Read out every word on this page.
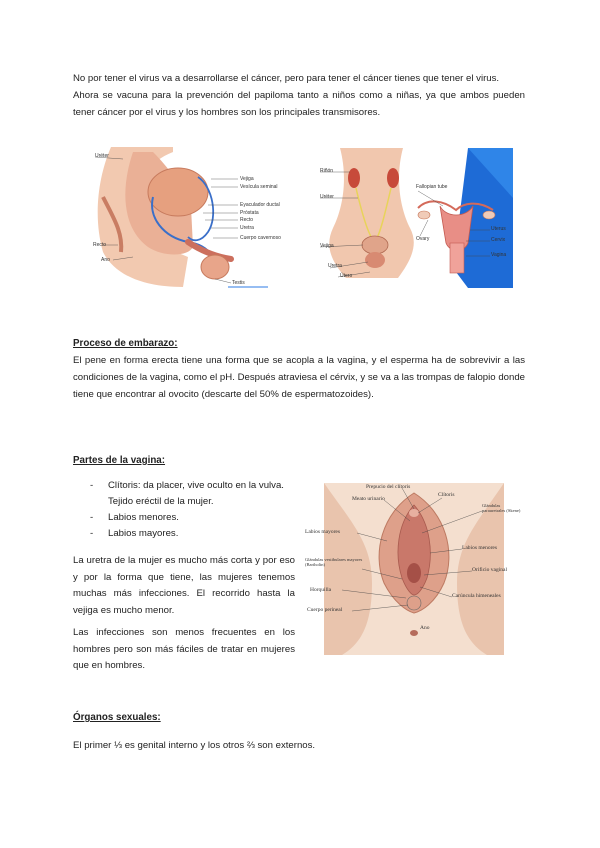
No por tener el virus va a desarrollarse el cáncer, pero para tener el cáncer tienes que tener el virus.
Ahora se vacuna para la prevención del papiloma tanto a niños como a niñas, ya que ambos pueden tener cáncer por el virus y los hombres son los principales transmisores.
Uréter
Vejiga
Vesícula seminal
Eyaculador ductal
Próstata
Recto
Uretra
Cuerpo cavernoso
Recto
Ano
Testis
Riñón
Uréter
Vejiga
Uretra
Útero
Fallopian tube
Ovary
Uterus
Cervix
Vagina
Proceso de embarazo:
El pene en forma erecta tiene una forma que se acopla a la vagina, y el esperma ha de sobrevivir a las condiciones de la vagina, como el pH. Después atraviesa el cérvix, y se va a las trompas de falopio donde tiene que encontrar al ovocito (descarte del 50% de espermatozoides).
Partes de la vagina:
- Clítoris: da placer, vive oculto en la vulva. Tejido eréctil de la mujer.
- Labios menores.
- Labios mayores.
La uretra de la mujer es mucho más corta y por eso y por la forma que tiene, las mujeres tenemos muchas más infecciones. El recorrido hasta la vejiga es mucho menor.
Las infecciones son menos frecuentes en los hombres pero son más fáciles de tratar en mujeres que en hombres.
Prepucio del clítoris
Meato urinario
Clítoris
Glándulas parauretrales (Skene)
Labios mayores
Labios menores
Glándulas vestibulares mayores (Bartholin)
Orificio vaginal
Horquilla
Carúncula himeneales
Cuerpo perineal
Ano
Órganos sexuales:
El primer ⅓ es genital interno y los otros ⅔ son externos.
